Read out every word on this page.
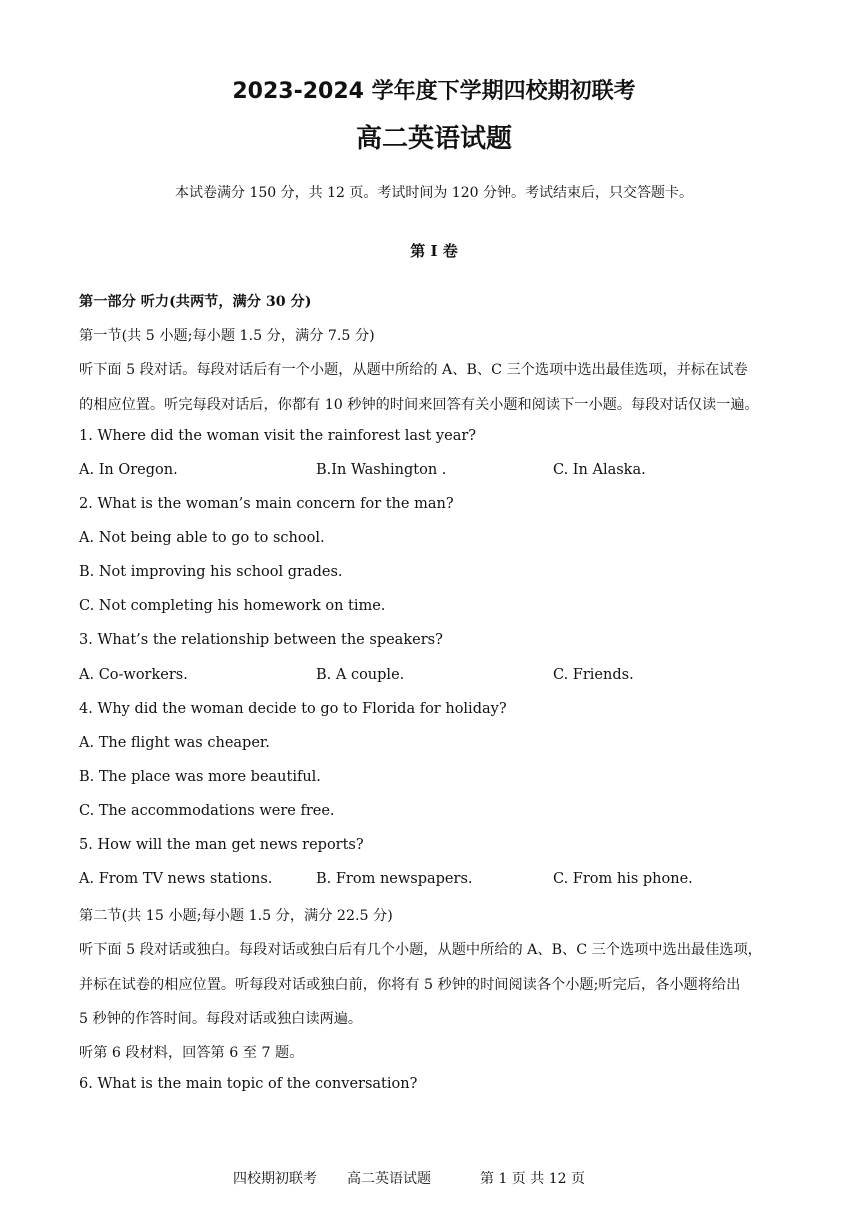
2023-2024 学年度下学期四校期初联考
高二英语试题
本试卷满分 150 分，共 12 页。考试时间为 120 分钟。考试结束后，只交答题卡。
第 I 卷
第一部分 听力(共两节，满分 30 分)
第一节(共 5 小题;每小题 1.5 分，满分 7.5 分)
听下面 5 段对话。每段对话后有一个小题，从题中所给的 A、B、C 三个选项中选出最佳选项，并标在试卷
的相应位置。听完每段对话后，你都有 10 秒钟的时间来回答有关小题和阅读下一小题。每段对话仅读一遍。
1. Where did the woman visit the rainforest last year?
A. In Oregon.	B.In Washington .	C. In Alaska.
2. What is the woman’s main concern for the man?
A. Not being able to go to school.
B. Not improving his school grades.
C. Not completing his homework on time.
3. What’s the relationship between the speakers?
A. Co-workers.	B. A couple.	C. Friends.
4. Why did the woman decide to go to Florida for holiday?
A. The flight was cheaper.
B. The place was more beautiful.
C. The accommodations were free.
5. How will the man get news reports?
A. From TV news stations.	B. From newspapers.	C. From his phone.
第二节(共 15 小题;每小题 1.5 分，满分 22.5 分)
听下面 5 段对话或独白。每段对话或独白后有几个小题，从题中所给的 A、B、C 三个选项中选出最佳选项，
并标在试卷的相应位置。听每段对话或独白前，你将有 5 秒钟的时间阅读各个小题;听完后，各小题将给出
5 秒钟的作答时间。每段对话或独白读两遍。
听第 6 段材料，回答第 6 至 7 题。
6. What is the main topic of the conversation?
四校期初联考 高二英语试题	第 1 页 共 12 页
